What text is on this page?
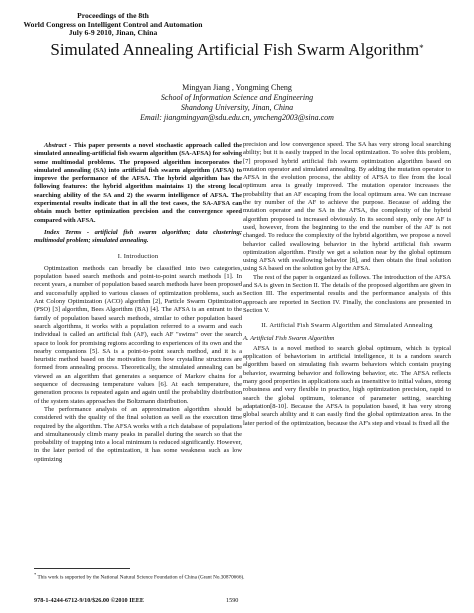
Proceedings of the 8th
World Congress on Intelligent Control and Automation
July 6-9 2010, Jinan, China
Simulated Annealing Artificial Fish Swarm Algorithm*
Mingyan Jiang , Yongming Cheng
School of Information Science and Engineering
Shandong University, Jinan, China
Email: jiangmingyan@sdu.edu.cn, ymcheng2003@sina.com

Abstract - This paper presents a novel stochastic approach called the simulated annealing-artificial fish swarm algorithm (SA-AFSA) for solving some multimodal problems. The proposed algorithm incorporates the simulated annealing (SA) into artificial fish swarm algorithm (AFSA) to improve the performance of the AFSA. The hybrid algorithm has the following features: the hybrid algorithm maintains 1) the strong local searching ability of the SA and 2) the swarm intelligence of AFSA. The experimental results indicate that in all the test cases, the SA-AFSA can obtain much better optimization precision and the convergence speed compared with AFSA.

Index Terms - artificial fish swarm algorithm; data clustering; multimodal problem; simulated annealing.

I. Introduction

Optimization methods can broadly be classified into two categories, population based search methods and point-to-point search methods [1]. In recent years, a number of population based search methods have been proposed and successfully applied to various classes of optimization problems, such as Ant Colony Optimization (ACO) algorithm [2], Particle Swarm Optimization (PSO) [3] algorithm, Bees Algorithm (BA) [4]. The AFSA is an entrant to the family of population based search methods, similar to other population based search algorithms, it works with a population referred to a swarm and each individual is called an artificial fish (AF), each AF "swims" over the search space to look for promising regions according to experiences of its own and the nearby companions [5]. SA is a point-to-point search method, and it is a heuristic method based on the motivation from how crystalline structures are formed from annealing process. Theoretically, the simulated annealing can be viewed as an algorithm that generates a sequence of Markov chains for a sequence of decreasing temperature values [6]. At each temperature, the generation process is repeated again and again until the probability distribution of the system states approaches the Boltzmann distribution.

The performance analysis of an approximation algorithm should be considered with the quality of the final solution as well as the execution time required by the algorithm. The AFSA works with a rich database of populations and simultaneously climb many peaks in parallel during the search so that the probability of trapping into a local minimum is reduced significantly. However, in the later period of the optimization, it has some weakness such as low optimizing

precision and low convergence speed. The SA has very strong local searching ability; but it is easily trapped in the local optimization. To solve this problem, [7] proposed hybrid artificial fish swarm optimization algorithm based on mutation operator and simulated annealing. By adding the mutation operator to AFSA in the evolution process, the ability of AFSA to flee from the local optimum area is greatly improved. The mutation operator increases the probability that an AF escaping from the local optimum area. We can increase the try number of the AF to achieve the purpose. Because of adding the mutation operator and the SA in the AFSA, the complexity of the hybrid algorithm proposed is increased obviously. In its second step, only one AF is used, however, from the beginning to the end the number of the AF is not changed. To reduce the complexity of the hybrid algorithm, we propose a novel behavior called swallowing behavior in the hybrid artificial fish swarm optimization algorithm. Firstly we get a solution near by the global optimum using AFSA with swallowing behavior [8], and then obtain the final solution using SA based on the solution got by the AFSA.

The rest of the paper is organized as follows. The introduction of the AFSA and SA is given in Section II. The details of the proposed algorithm are given in Section III. The experimental results and the performance analysis of this approach are reported in Section IV. Finally, the conclusions are presented in Section V.

II. Artificial Fish Swarm Algorithm and Simulated Annealing
A. Artificial Fish Swarm Algorithm

AFSA is a novel method to search global optimum, which is typical application of behaviorism in artificial intelligence, it is a random search algorithm based on simulating fish swarm behaviors which contain praying behavior, swarming behavior and following behavior, etc. The AFSA reflects many good properties in applications such as insensitive to initial values, strong robustness and very flexible in practice, high optimization precision, rapid to search the global optimum, tolerance of parameter setting, searching adaptation[8-10]. Because the AFSA is population based, it has very strong global search ability and it can easily find the global optimization area. In the later period of the optimization, because the AF's step and visual is fixed all the

* This work is supported by the National Natural Science Foundation of China (Grant No.30870666).
978-1-4244-6712-9/10/$26.00 ©2010 IEEE	1590
